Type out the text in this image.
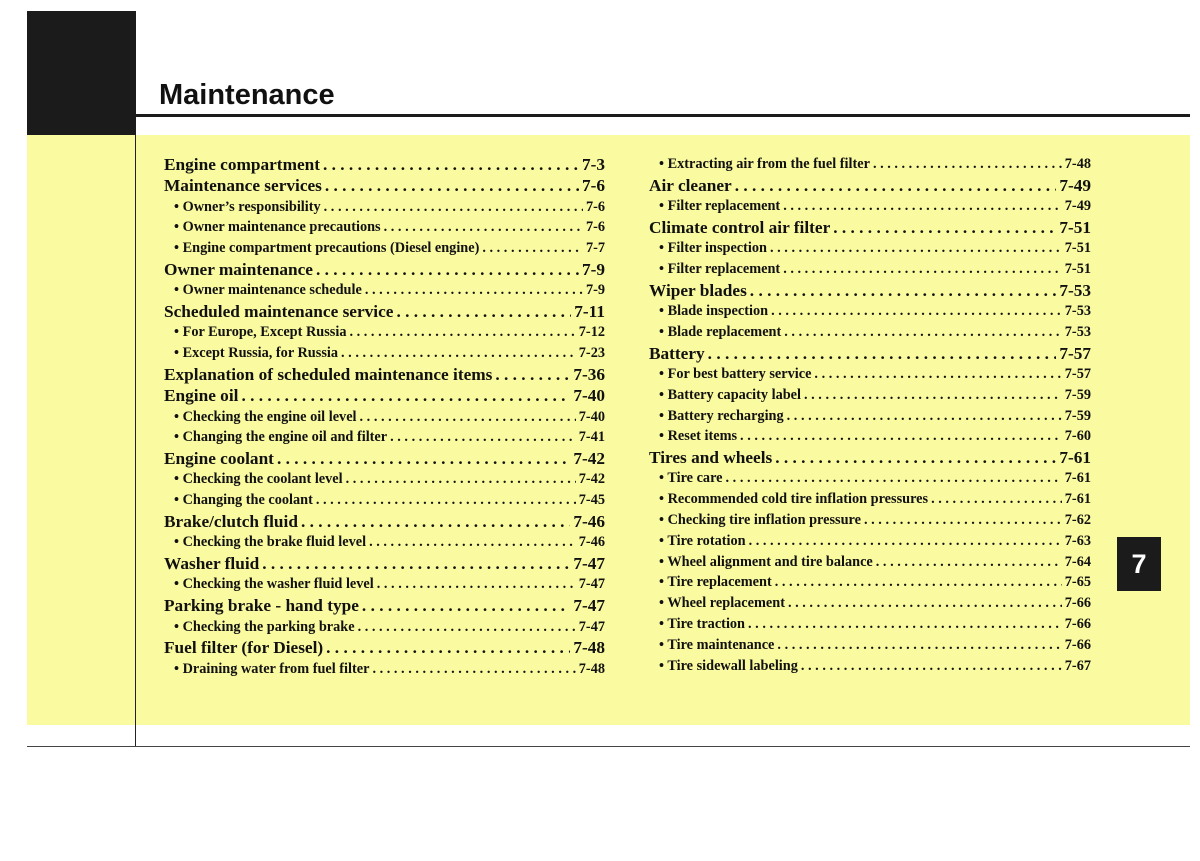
Maintenance
7
Engine compartment . . .	7-3
Maintenance services . . .	7-6
• Owner’s responsibility . . .	7-6
• Owner maintenance precautions . . .	7-6
• Engine compartment precautions (Diesel engine) . . .	7-7
Owner maintenance . . .	7-9
• Owner maintenance schedule . . .	7-9
Scheduled maintenance service . . .	7-11
• For Europe, Except Russia . . .	7-12
• Except Russia, for Russia . . .	7-23
Explanation of scheduled maintenance items . . .	7-36
Engine oil . . .	7-40
• Checking the engine oil level . . .	7-40
• Changing the engine oil and filter . . .	7-41
Engine coolant . . .	7-42
• Checking the coolant level . . .	7-42
• Changing the coolant . . .	7-45
Brake/clutch fluid . . .	7-46
• Checking the brake fluid level . . .	7-46
Washer fluid . . .	7-47
• Checking the washer fluid level . . .	7-47
Parking brake - hand type . . .	7-47
• Checking the parking brake . . .	7-47
Fuel filter (for Diesel) . . .	7-48
• Draining water from fuel filter . . .	7-48
• Extracting air from the fuel filter . . .	7-48
Air cleaner . . .	7-49
• Filter replacement . . .	7-49
Climate control air filter . . .	7-51
• Filter inspection . . .	7-51
• Filter replacement . . .	7-51
Wiper blades . . .	7-53
• Blade inspection . . .	7-53
• Blade replacement . . .	7-53
Battery . . .	7-57
• For best battery service . . .	7-57
• Battery capacity label . . .	7-59
• Battery recharging . . .	7-59
• Reset items . . .	7-60
Tires and wheels . . .	7-61
• Tire care . . .	7-61
• Recommended cold tire inflation pressures . . .	7-61
• Checking tire inflation pressure . . .	7-62
• Tire rotation . . .	7-63
• Wheel alignment and tire balance . . .	7-64
• Tire replacement . . .	7-65
• Wheel replacement . . .	7-66
• Tire traction . . .	7-66
• Tire maintenance . . .	7-66
• Tire sidewall labeling . . .	7-67
